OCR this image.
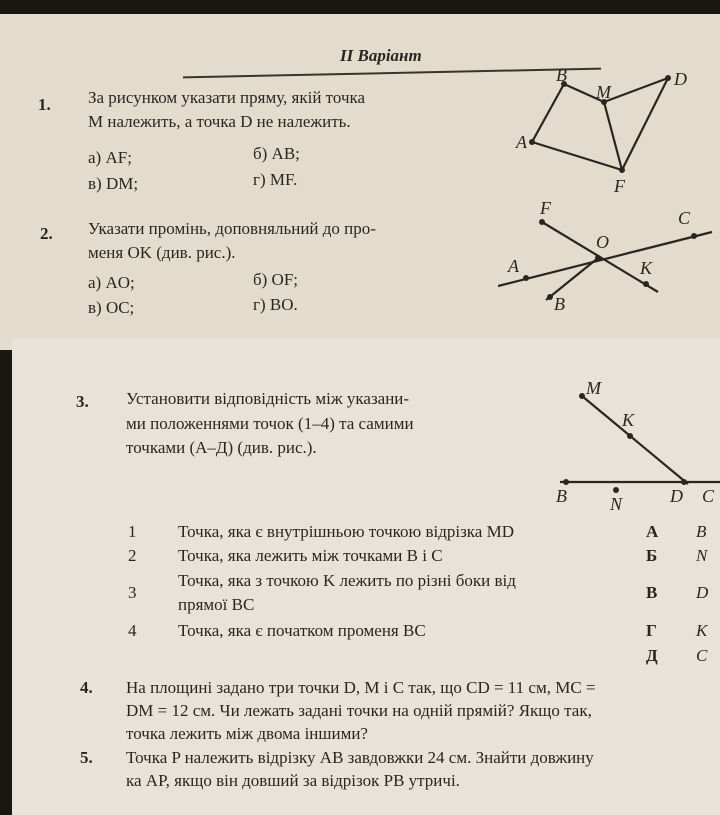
II Варіант
1. За рисунком указати пряму, якій точка
M належить, а точка D не належить.
а) AF;	б) AB;
в) DM;	г) MF.
B
M
D
A
F
2. Указати промінь, доповняльний до про-
меня OK (див. рис.).
а) AO;	б) OF;
в) OC;	г) BO.
F	C
O
A	K
B
3. Установити відповідність між указани-
ми положеннями точок (1–4) та самими
точками (А–Д) (див. рис.).
M
K
B N	D C
1 Точка, яка є внутрішньою точкою відрізка MD
2 Точка, яка лежить між точками B і C
3
Точка, яка з точкою K лежить по різні боки від
прямої BC
4 Точка, яка є початком променя BC
А B
Б N
В D
Г K
Д C
4. На площині задано три точки D, M і C так, що CD = 11 см, MC =
DM = 12 см. Чи лежать задані точки на одній прямій? Якщо так,
точка лежить між двома іншими?
5. Точка P належить відрізку AB завдовжки 24 см. Знайти довжину
ка AP, якщо він довший за відрізок PB утричі.
